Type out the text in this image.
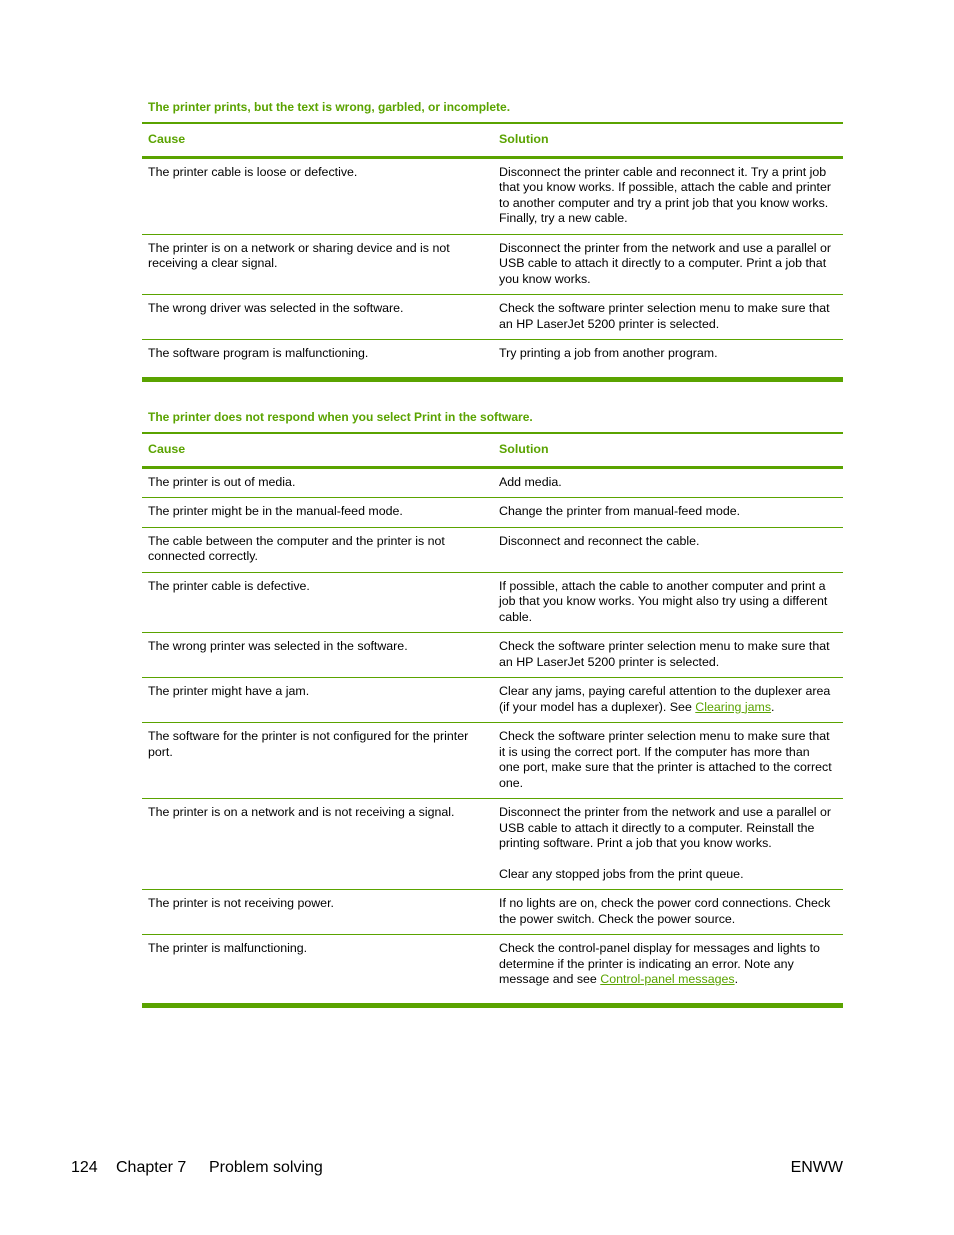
The printer prints, but the text is wrong, garbled, or incomplete.
Cause	Solution
The printer cable is loose or defective.	Disconnect the printer cable and reconnect it. Try a print job that you know works. If possible, attach the cable and printer to another computer and try a print job that you know works. Finally, try a new cable.
The printer is on a network or sharing device and is not receiving a clear signal.	Disconnect the printer from the network and use a parallel or USB cable to attach it directly to a computer. Print a job that you know works.
The wrong driver was selected in the software.	Check the software printer selection menu to make sure that an HP LaserJet 5200 printer is selected.
The software program is malfunctioning.	Try printing a job from another program.
The printer does not respond when you select Print in the software.
Cause	Solution
The printer is out of media.	Add media.
The printer might be in the manual-feed mode.	Change the printer from manual-feed mode.
The cable between the computer and the printer is not connected correctly.	Disconnect and reconnect the cable.
The printer cable is defective.	If possible, attach the cable to another computer and print a job that you know works. You might also try using a different cable.
The wrong printer was selected in the software.	Check the software printer selection menu to make sure that an HP LaserJet 5200 printer is selected.
The printer might have a jam.	Clear any jams, paying careful attention to the duplexer area (if your model has a duplexer). See Clearing jams.
The software for the printer is not configured for the printer port.	Check the software printer selection menu to make sure that it is using the correct port. If the computer has more than one port, make sure that the printer is attached to the correct one.
The printer is on a network and is not receiving a signal.	Disconnect the printer from the network and use a parallel or USB cable to attach it directly to a computer. Reinstall the printing software. Print a job that you know works.
Clear any stopped jobs from the print queue.

The printer is not receiving power.	If no lights are on, check the power cord connections. Check the power switch. Check the power source.
The printer is malfunctioning.	Check the control-panel display for messages and lights to determine if the printer is indicating an error. Note any message and see Control-panel messages.
124 Chapter 7 Problem solving	ENWW
